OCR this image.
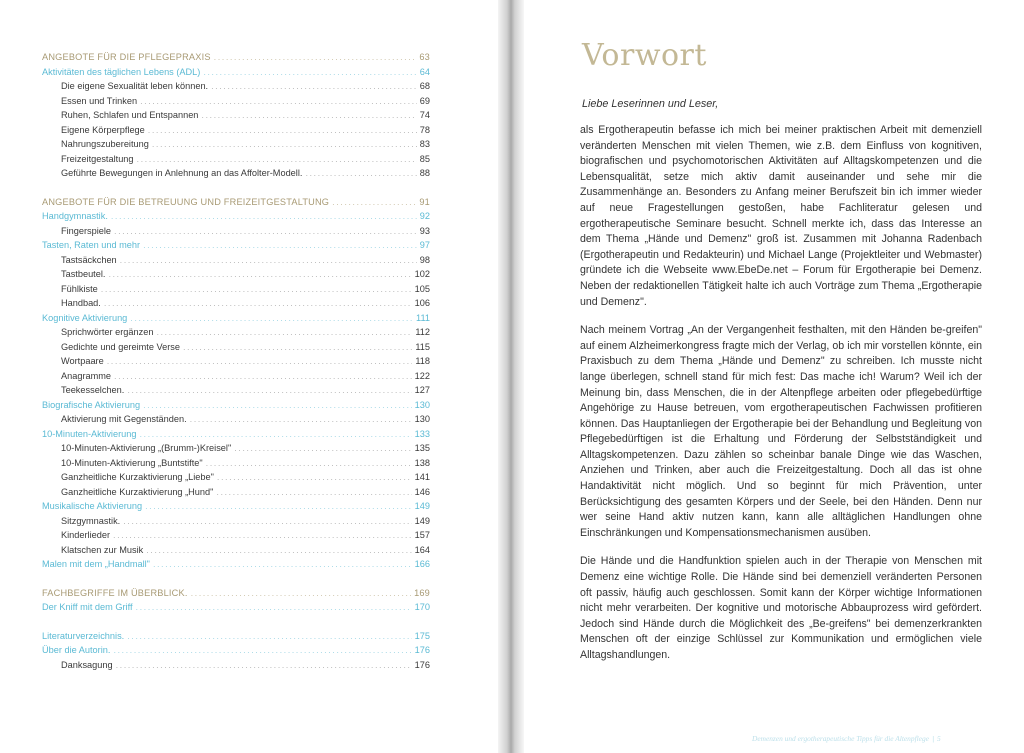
ANGEBOTE FÜR DIE PFLEGEPRAXIS .....	63
Aktivitäten des täglichen Lebens (ADL) .....	64
Die eigene Sexualität leben können. .....	68
Essen und Trinken .....	69
Ruhen, Schlafen und Entspannen .....	74
Eigene Körperpflege .....	78
Nahrungszubereitung .....	83
Freizeitgestaltung .....	85
Geführte Bewegungen in Anlehnung an das Affolter-Modell. .....	88
ANGEBOTE FÜR DIE BETREUUNG UND FREIZEITGESTALTUNG .....	91
Handgymnastik. .....	92
Fingerspiele .....	93
Tasten, Raten und mehr .....	97
Tastsäckchen .....	98
Tastbeutel. .....	102
Fühlkiste .....	105
Handbad. .....	106
Kognitive Aktivierung .....	111
Sprichwörter ergänzen .....	112
Gedichte und gereimte Verse .....	115
Wortpaare .....	118
Anagramme .....	122
Teekesselchen. .....	127
Biografische Aktivierung .....	130
Aktivierung mit Gegenständen. .....	130
10-Minuten-Aktivierung .....	133
10-Minuten-Aktivierung „(Brumm-)Kreisel" .....	135
10-Minuten-Aktivierung „Buntstifte" .....	138
Ganzheitliche Kurzaktivierung „Liebe" .....	141
Ganzheitliche Kurzaktivierung „Hund" .....	146
Musikalische Aktivierung .....	149
Sitzgymnastik. .....	149
Kinderlieder .....	157
Klatschen zur Musik .....	164
Malen mit dem „Handmall" .....	166
FACHBEGRIFFE IM ÜBERBLICK. .....	169
Der Kniff mit dem Griff .....	170
Literaturverzeichnis. .....	175
Über die Autorin. .....	176
Danksagung .....	176
Vorwort

Liebe Leserinnen und Leser,

als Ergotherapeutin befasse ich mich bei meiner praktischen Arbeit mit demenziell veränderten Menschen mit vielen Themen, wie z.B. dem Einfluss von kognitiven, biografischen und psychomotorischen Aktivitäten auf Alltagskompetenzen und die Lebensqualität, setze mich aktiv damit auseinander und sehe mir die Zusammenhänge an. Besonders zu Anfang meiner Berufszeit bin ich immer wieder auf neue Fragestellungen gestoßen, habe Fachliteratur gelesen und ergotherapeutische Seminare besucht. Schnell merkte ich, dass das Interesse an dem Thema „Hände und Demenz" groß ist. Zusammen mit Johanna Radenbach (Ergotherapeutin und Redakteurin) und Michael Lange (Projektleiter und Webmaster) gründete ich die Webseite www.EbeDe.net – Forum für Ergotherapie bei Demenz. Neben der redaktionellen Tätigkeit halte ich auch Vorträge zum Thema „Ergotherapie und Demenz".

Nach meinem Vortrag „An der Vergangenheit festhalten, mit den Händen be-greifen" auf einem Alzheimerkongress fragte mich der Verlag, ob ich mir vorstellen könnte, ein Praxisbuch zu dem Thema „Hände und Demenz" zu schreiben. Ich musste nicht lange überlegen, schnell stand für mich fest: Das mache ich! Warum? Weil ich der Meinung bin, dass Menschen, die in der Altenpflege arbeiten oder pflegebedürftige Angehörige zu Hause betreuen, vom ergotherapeutischen Fachwissen profitieren können. Das Hauptanliegen der Ergotherapie bei der Behandlung und Begleitung von Pflegebedürftigen ist die Erhaltung und Förderung der Selbstständigkeit und Alltagskompetenzen. Dazu zählen so scheinbar banale Dinge wie das Waschen, Anziehen und Trinken, aber auch die Freizeitgestaltung. Doch all das ist ohne Handaktivität nicht möglich. Und so beginnt für mich Prävention, unter Berücksichtigung des gesamten Körpers und der Seele, bei den Händen. Denn nur wer seine Hand aktiv nutzen kann, kann alle alltäglichen Handlungen ohne Einschränkungen und Kompensationsmechanismen ausüben.

Die Hände und die Handfunktion spielen auch in der Therapie von Menschen mit Demenz eine wichtige Rolle. Die Hände sind bei demenziell veränderten Personen oft passiv, häufig auch geschlossen. Somit kann der Körper wichtige Informationen nicht mehr verarbeiten. Der kognitive und motorische Abbauprozess wird gefördert. Jedoch sind Hände durch die Möglichkeit des „Be-greifens" bei demenzerkrankten Menschen oft der einzige Schlüssel zur Kommunikation und ermöglichen viele Alltagshandlungen.

Demenzen und ergotherapeutische Tipps für die Altenpflege | 5
